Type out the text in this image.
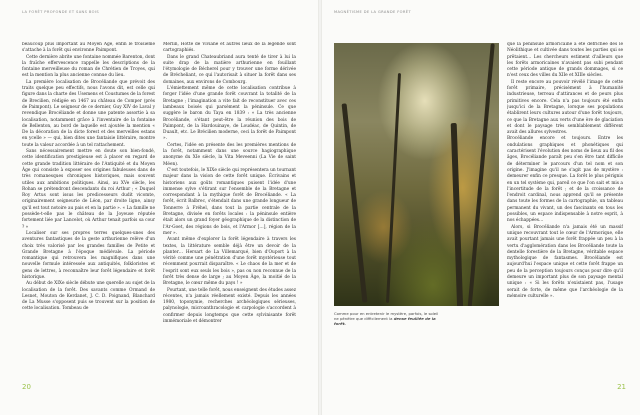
LA FORÊT PROFONDE ET SANS BOIS

beaucoup plus important au Moyen Âge, enfin le troisième s'attache à la forêt qui environne Paimpont.

Cette dernière abrite une fontaine nommée Barenton, dont la fraîche effervescence rappelle les descriptions de la fontaine merveilleuse du roman de Chrétien de Troyes, qui est la mention la plus ancienne connue du lieu.

La première localisation de Brocéliande que prévoit des traits quelque peu effectifs, nous l'avons dit, est celle qui figure dans la charte des Usemens et Coustumes de la forest de Brecilien, rédigée en 1467 au château de Comper (près de Paimpont). Le seigneur de ce dernier, Guy XIV de Laval y revendique Brocéliande et donne une patente assortie à sa localisation, notamment grâce à l'inventaire de la fontaine de Bellenton, au bord de laquelle est ajoutée la mention « De la décoration de la dicte forest et des merveilles estans en ycelle » — qui, bien dites une fantaisie littéraire, montre toute la valeur accordée à un tel rattachement.

Sans nécessairement mettre en doute son bien-fondé, cette identification prestigieuse est à placer en regard de cette grande tradition littéraire de l'Antiquité et du Moyen Âge qui consiste à exposer ses origines fabuleuses dans de très romanesques chroniques historiques, mais souvent utiles aux ambitions politiques. Ainsi, au XVe siècle, les Rohan se prétendront descendants du roi Arthur ; « Duquel Roy Artus sont issus les predicesseurs dudit vicomte, originairement seigneurie de Léon, par droite ligne, ainsy qu'il est tout notoire au pais et en la partie ». « La famille ne possède-t-elle pas le château de la Joyeuse réputée fortement liée par Lancelot, où Arthur tenait parfois sa cour ? »

Localiser sur ses propres terres quelques-unes des aventures fantastiques de la geste arthurienne relève d'un choix très valorisé par les grandes familles de Petite et Grande Bretagne à l'époque médiévale. La période romantique qui retrouvera les magnifiques dans une nouvelle formule intéressée aux antiquités, folkloristes et gens de lettres, à reconnaître leur forêt légendaire et forêt historique.

Au début de XIXe siècle débute une querelle au sujet de la localisation de la forêt. Des savants comme Ormand de Lesnet, Mouton de Kerdanet, J. C. D. Poignand, Blanchard de La Musse s'opposent puis se trouvent sur la position de cette localisation. Tombeau de

Merlin, Hotte de Viviane et autres lieux de la légende sont cartographiés.

Dans le grand Chateaubriand aura tenté de tirer à lui la suite drap de la matière arthurienne en fouillant l'étymologie de Bécherel pour y trouver une forme dérivée de Brécheliant, ce qui l'autorisait à situer la forêt dans ses domaines, aux environs de Combourg.

L'émiettement même de cette localisation contribue à forger l'idée d'une grande forêt couvrant la totalité de la Bretagne ; l'imagination a vite fait de reconstituer avec ces lambeaux boisés qui parsèment la péninsule. Ce que suggère le baron du Taya en 1839 : « La très ancienne Brocéliande, s'étant peut-être la réunion des bois de Paimpont, de la Hardouinaye, de Loudéac, de Quintin, de Duault, etc. Le Brécilien moderne, ceci la forêt de Paimpont ».

Certes, l'idée en présente des les premières mentions de la forêt, notamment dans une source hagiographique anonyme du XIe siècle, la Vita Meveenni (La Vie de saint Méen).

C'est toutefois, le XIXe siècle qui représentera un tournant majeur dans la vision de cette forêt unique. Écrivains et historiens aux goûts romantiques puisent l'idée d'une immense sylve s'étirant sur l'ensemble de la Bretagne et correspondant à la mythique forêt de Brocéliande. « La forêt, écrit Balbrec, s'étendait dans une grande longueur de Tonnerre à Fréhel, dans tout la partie centrale de la Bretagne, divisée en forêts locales : la péninsule entière était alors un grand foyer géographique de la distinction de l'Ar-Goet, des régions de bois, et l'Armor […], région de la mer ».

Avant même d'explorer la forêt légendaire à travers les textes, la littérature semble déjà être un devoir de la planter… Hersart de La Villemarqué, bien d'Ouport à la vérité comme une pénétration d'une forêt mystérieuse tout récemment pourrait disparaître. « Le chaos de la mer et de l'esprit sont eux seuls les bois », pas ou non reconnue de la forêt très dense de large ; au Moyen Âge, la moitié de la Bretagne, le cœur même du pays ! »

Pourtant, une telle forêt, nous enseignent des études assez récentes, n'a jamais réellement existé. Depuis les années 1980, toponymie, recherches archéologiques sérieuses, palynologie, microanthracologie et carpologie s'accordent à confirmer depuis longtemps que cette sylvinisante forêt immémoriale et démontrer

20
MAGNÉTISME DE LA GRANDE FORÊT

que la péninsule armoricaine a été défrichée dès le Néolithique et cultivée dans toutes les parties qui se prêtaient… Les chercheurs estiment d'ailleurs que les forêts armoricaines n'avaient pas subi pendant cette période antique de grands dommages, si ce n'est ceux des villes du XIIe et XIIIe siècles.

Il reste encore au pouvoir révélé l'image de cette forêt primaire, précisément à l'humanité industrieuse, terreau d'attirances et de peurs plus primitives encore. Cela n'a pas toujours été enfin jusqu'ici de la Bretagne, lorsque ses populations établirent leurs cultures autour d'une forêt toujours, ce que la Bretagne aux verts d'une ère de glaciation et dont le paysage très semblablement différent avait des allures sylvestres.

Brocéliande encore et toujours. Entre les ondulations graphiques et phonétiques qui caractérisent l'évolution des noms de lieux au fil des âges, Brocéliande paraît peu s'en être tant difficile de déterminer le parcours d'un tel nom et son origine. J'imagine qu'il ne s'agit pas de mystère : demeurer enfin ce presque. La forêt le plus pérignis en un tel système qui, pareil ce que l'on sait et mis a l'incertitude de la forêt ; et de la croissance de l'endroit cardinal, nous apprend qu'il se présente dans toute les formes de la cartographie, un tableau permanent du vivant, un des fascinants en tous les possibles, un espace indispensable à notre esprit, à nos échappées…

Alors, si Brocéliande n'a jamais été un massif unique recouvrant tout le cœur de l'Armorique, elle avait pourtant jamais une forêt frappée un peu à la vertu d'agglomération dans les Brocéliande toute la dentelle forestière de la Bretagne, véritable espace mythologique de fantasmes. Brocéliande est aujourd'hui l'espace unique et cette forêt frappe un peu de la perception toujours conçus pour dire qu'il demeure un important plus de son paysage mental unique : « Si les forêts n'existaient pas, l'usage serait de forte, de même que l'archéologie de la mémoire culturelle ».

21
Comme pour en entretenir le mystère, parfois, le soleil ne pénètre que difficilement la dense feuillée de la forêt.
